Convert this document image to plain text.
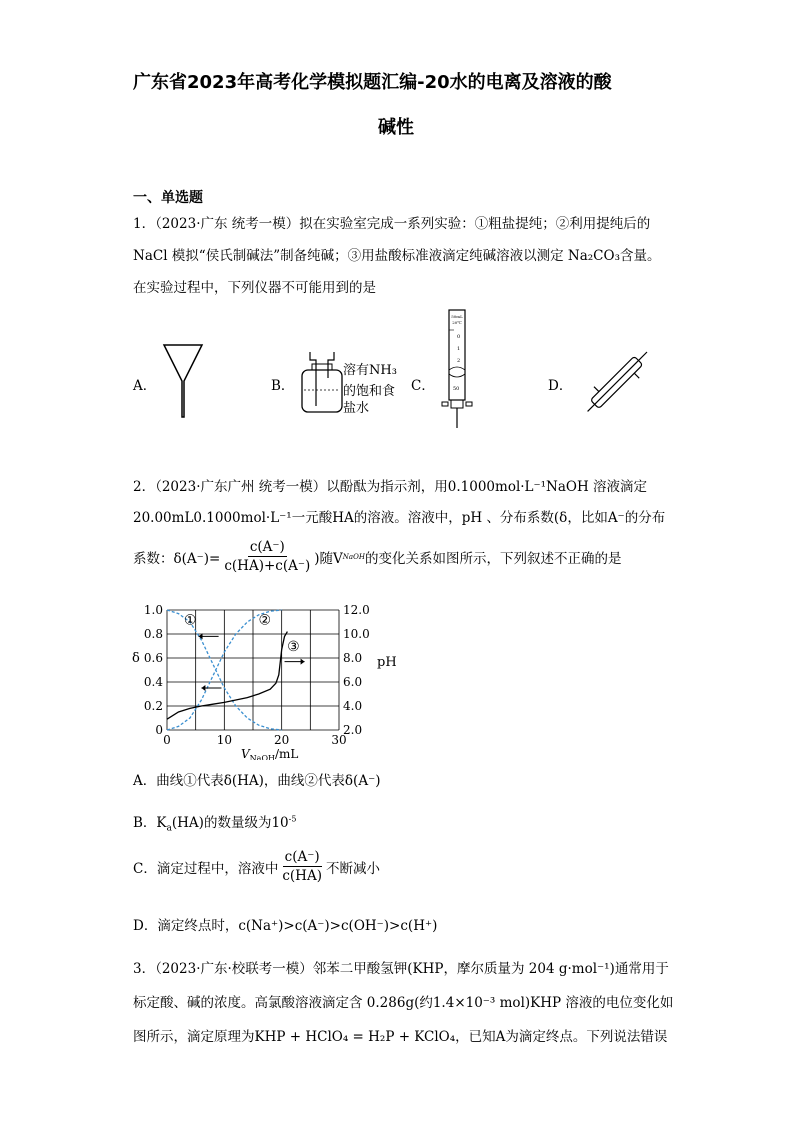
广东省2023年高考化学模拟题汇编-20水的电离及溶液的酸
碱性
一、单选题
1．（2023·广东 统考一模）拟在实验室完成一系列实验：①粗盐提纯；②利用提纯后的
NaCl 模拟“侯氏制碱法”制备纯碱；③用盐酸标准液滴定纯碱溶液以测定 Na₂CO₃含量。
在实验过程中，下列仪器不可能用到的是
A．	B．
溶有NH₃
的饱和食
盐水
C．
50mL
20℃
0
1
2
50	D．
2．（2023·广东广州 统考一模）以酚酞为指示剂，用0.1000mol·L⁻¹NaOH 溶液滴定
20.00mL0.1000mol·L⁻¹一元酸HA的溶液。溶液中，pH 、分布系数(δ，比如A⁻的分布
系数：$\delta(A^-)= \frac{c(A^-)}{c(HA)+c(A^-)}$ )随V NaOH 的变化关系如图所示，下列叙述不正确的是
0	10	20	30
0
0.2
0.4
0.6
0.8
1.0
2.0
4.0
6.0
8.0
10.0
12.0
δ	pH
$V_{NaOH}/mL$
①	②
③
A．曲线①代表δ(HA)，曲线②代表δ(A⁻)
B．$K_a(HA)$的数量级为$10^{-5}$
C．滴定过程中，溶液中 $\frac{c(A^-)}{c(HA)}$ 不断减小
D．滴定终点时，c(Na⁺)>c(A⁻)>c(OH⁻)>c(H⁺)
3．（2023·广东·校联考一模）邻苯二甲酸氢钾(KHP，摩尔质量为 204 g·mol⁻¹)通常用于
标定酸、碱的浓度。高氯酸溶液滴定含 0.286g(约1.4×10⁻³ mol)KHP 溶液的电位变化如
图所示，滴定原理为KHP + HClO₄ = H₂P + KClO₄，已知A为滴定终点。下列说法错误
